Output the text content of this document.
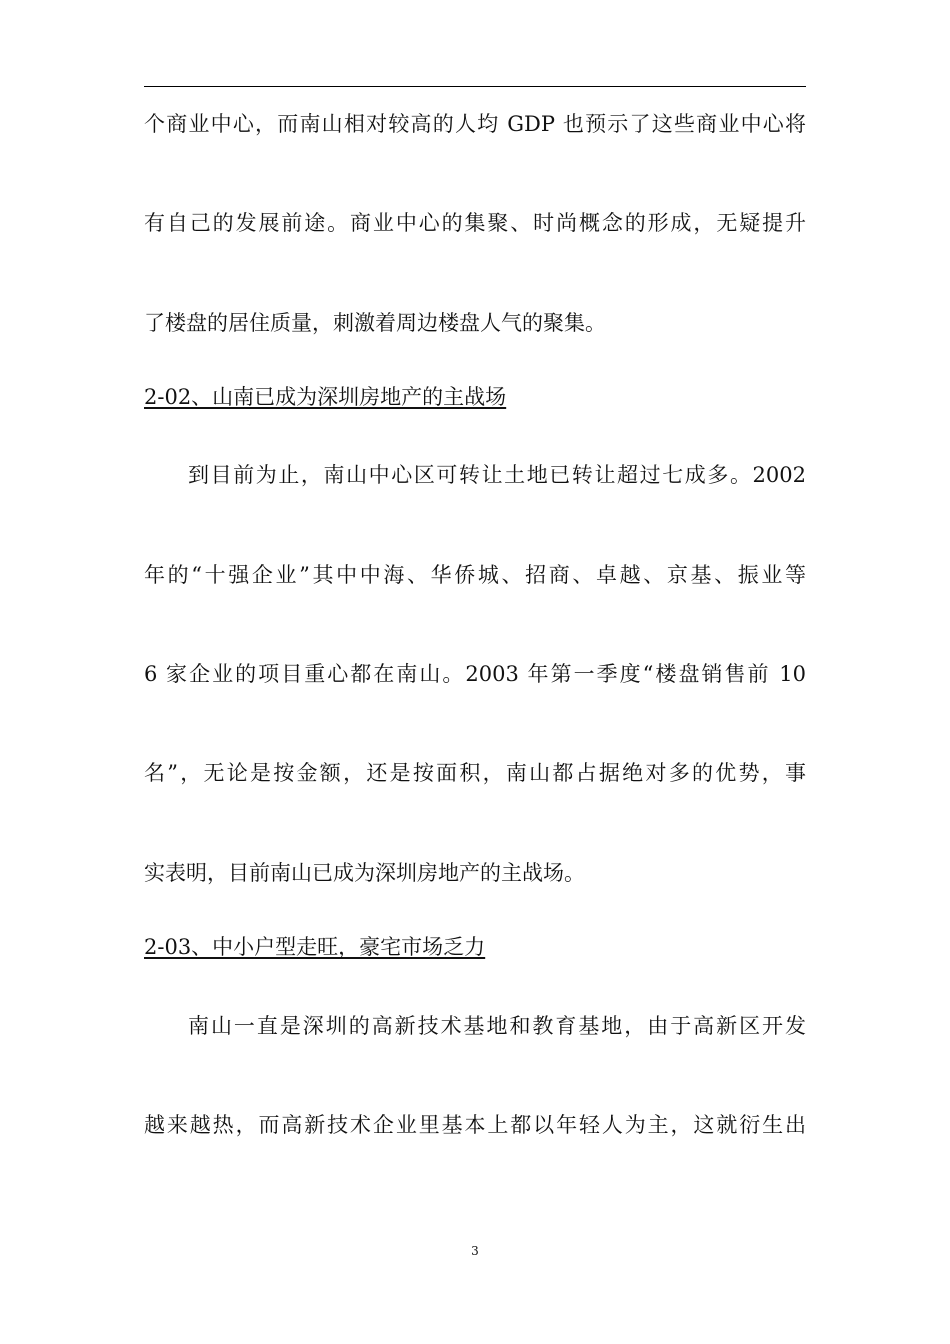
个商业中心，而南山相对较高的人均 GDP 也预示了这些商业中心将
有自己的发展前途。商业中心的集聚、时尚概念的形成，无疑提升
了楼盘的居住质量，刺激着周边楼盘人气的聚集。
2-02、山南已成为深圳房地产的主战场
到目前为止，南山中心区可转让土地已转让超过七成多。2002
年的“十强企业”其中中海、华侨城、招商、卓越、京基、振业等
6 家企业的项目重心都在南山。2003 年第一季度“楼盘销售前 10
名”，无论是按金额，还是按面积，南山都占据绝对多的优势，事
实表明，目前南山已成为深圳房地产的主战场。
2-03、中小户型走旺，豪宅市场乏力
南山一直是深圳的高新技术基地和教育基地，由于高新区开发
越来越热，而高新技术企业里基本上都以年轻人为主，这就衍生出
3
